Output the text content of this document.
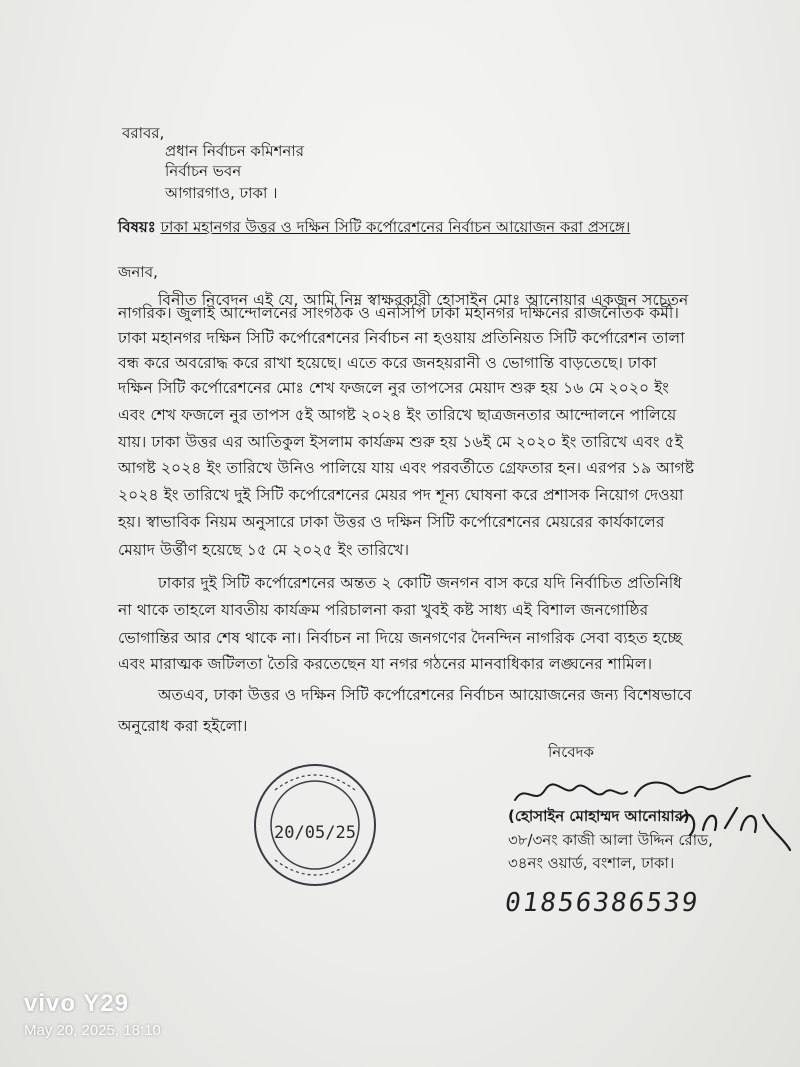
বরাবর,
প্রধান নির্বাচন কমিশনার
নির্বাচন ভবন
আগারগাও, ঢাকা ।
বিষয়ঃ ঢাকা মহানগর উত্তর ও দক্ষিন সিটি কর্পোরেশনের নির্বাচন আয়োজন করা প্রসঙ্গে।
জনাব,
বিনীত নিবেদন এই যে, আমি নিম্ন স্বাক্ষরকারী হোসাইন মোঃ আনোয়ার একজন সচেতন
নাগরিক। জুলাই আন্দোলনের সাংগঠক ও এনসিপি ঢাকা মহানগর দক্ষিনের রাজনৈতিক কর্মী।
ঢাকা মহানগর দক্ষিন সিটি কর্পোরেশনের নির্বাচন না হওয়ায় প্রতিনিয়ত সিটি কর্পোরেশন তালা
বন্ধ করে অবরোদ্ধ করে রাখা হয়েছে। এতে করে জনহয়রানী ও ভোগান্তি বাড়তেছে। ঢাকা
দক্ষিন সিটি কর্পোরেশনের মোঃ শেখ ফজলে নুর তাপসের মেয়াদ শুরু হয় ১৬ মে ২০২০ ইং
এবং শেখ ফজলে নুর তাপস ৫ই আগষ্ট ২০২৪ ইং তারিখে ছাত্রজনতার আন্দোলনে পালিয়ে
যায়। ঢাকা উত্তর এর আতিকুল ইসলাম কার্যক্রম শুরু হয় ১৬ই মে ২০২০ ইং তারিখে এবং ৫ই
আগষ্ট ২০২৪ ইং তারিখে উনিও পালিয়ে যায় এবং পরবর্তীতে গ্রেফতার হন। এরপর ১৯ আগষ্ট
২০২৪ ইং তারিখে দুই সিটি কর্পোরেশনের মেয়র পদ শূন্য ঘোষনা করে প্রশাসক নিয়োগ দেওয়া
হয়। স্বাভাবিক নিয়ম অনুসারে ঢাকা উত্তর ও দক্ষিন সিটি কর্পোরেশনের মেয়রের কার্যকালের
মেয়াদ উর্ত্তীণ হয়েছে ১৫ মে ২০২৫ ইং তারিখে।
ঢাকার দুই সিটি কর্পোরেশনের অন্তত ২ কোটি জনগন বাস করে যদি নির্বাচিত প্রতিনিধি
না থাকে তাহলে যাবতীয় কার্যক্রম পরিচালনা করা খুবই কষ্ট সাধ্য এই বিশাল জনগোষ্ঠির
ভোগান্তির আর শেষ থাকে না। নির্বাচন না দিয়ে জনগণের দৈনন্দিন নাগরিক সেবা ব্যহত হচ্ছে
এবং মারাত্মক জটিলতা তৈরি করতেছেন যা নগর গঠনের মানবাধিকার লঙ্ঘনের শামিল।
অতএব, ঢাকা উত্তর ও দক্ষিন সিটি কর্পোরেশনের নির্বাচন আয়োজনের জন্য বিশেষভাবে
অনুরোধ করা হইলো।
নিবেদক
(হোসাইন মোহাম্মদ আনোয়ার)
৩৮/৩নং কাজী আলা উদ্দিন রোড,
৩৪নং ওয়ার্ড, বংশাল, ঢাকা।
01856386539
20/05/25
vivo Y29
May 20, 2025, 18:10
